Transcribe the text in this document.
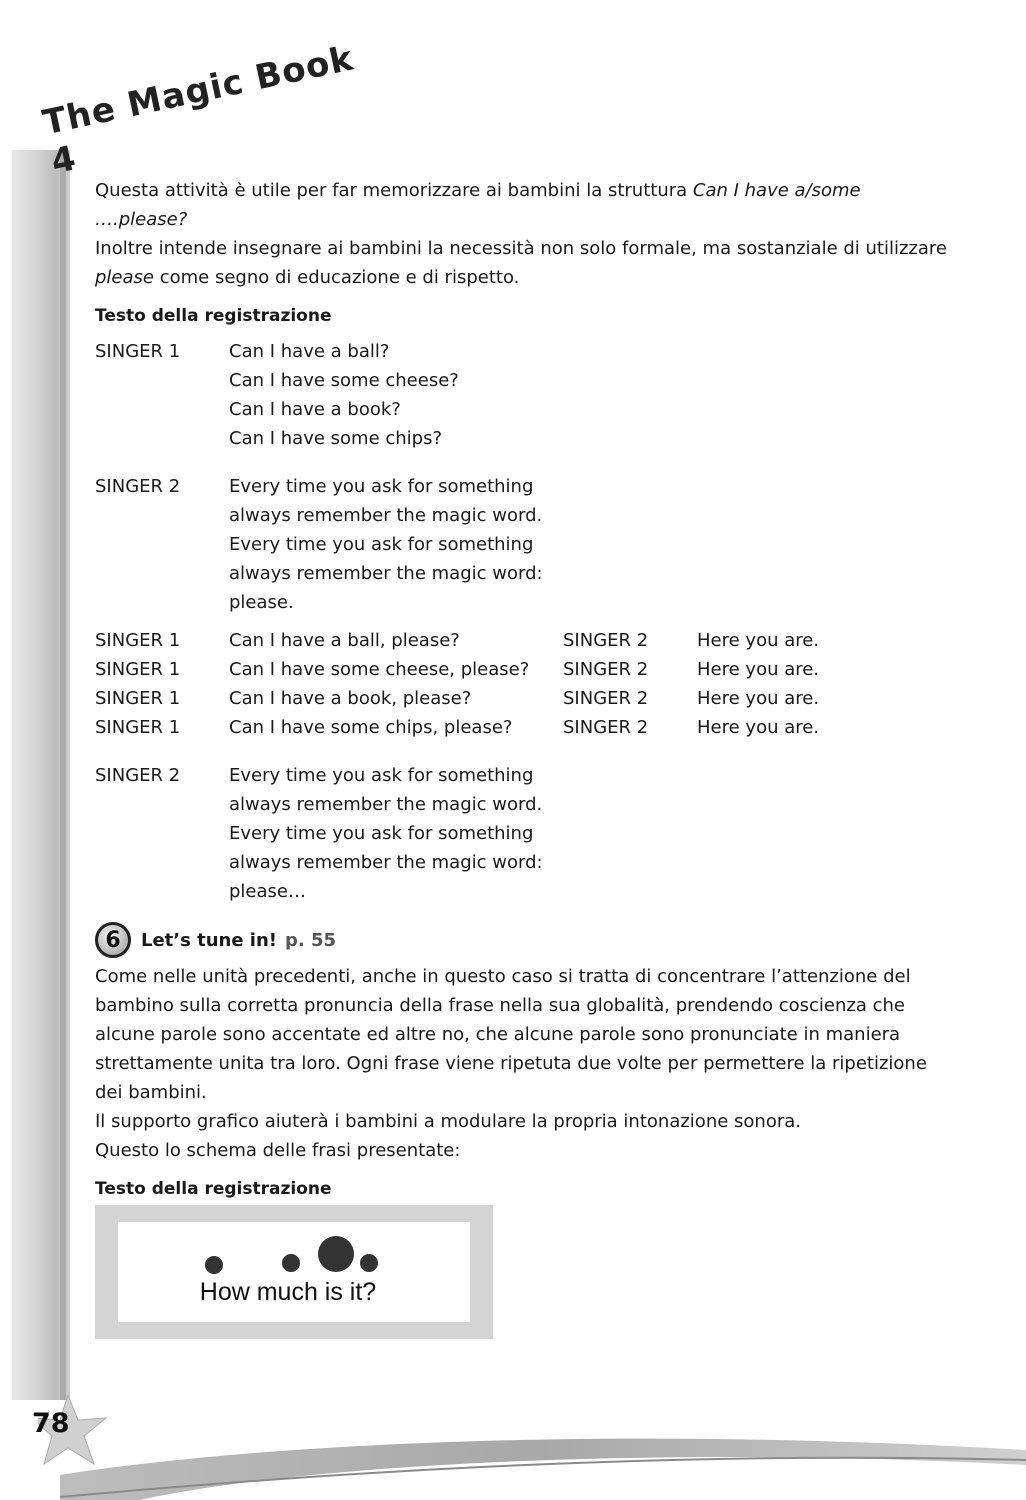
The Magic Book 4
78

Questa attività è utile per far memorizzare ai bambini la struttura Can I have a/some ….please?
Inoltre intende insegnare ai bambini la necessità non solo formale, ma sostanziale di utilizzare
please come segno di educazione e di rispetto.

Testo della registrazione
SINGER 1	Can I have a ball?
Can I have some cheese?
Can I have a book?
Can I have some chips?
SINGER 2	Every time you ask for something
always remember the magic word.
Every time you ask for something
always remember the magic word:
please.
SINGER 1	Can I have a ball, please?	SINGER 2	Here you are.
SINGER 1	Can I have some cheese, please?	SINGER 2	Here you are.
SINGER 1	Can I have a book, please?	SINGER 2	Here you are.
SINGER 1	Can I have some chips, please?	SINGER 2	Here you are.
SINGER 2	Every time you ask for something
always remember the magic word.
Every time you ask for something
always remember the magic word:
please…
6	Let’s tune in! p. 55

Come nelle unità precedenti, anche in questo caso si tratta di concentrare l’attenzione del bambino sulla corretta pronuncia della frase nella sua globalità, prendendo coscienza che alcune parole sono accentate ed altre no, che alcune parole sono pronunciate in maniera strettamente unita tra loro. Ogni frase viene ripetuta due volte per permettere la ripetizione dei bambini.

Il supporto grafico aiuterà i bambini a modulare la propria intonazione sonora.

Questo lo schema delle frasi presentate:

Testo della registrazione
How much is it?
